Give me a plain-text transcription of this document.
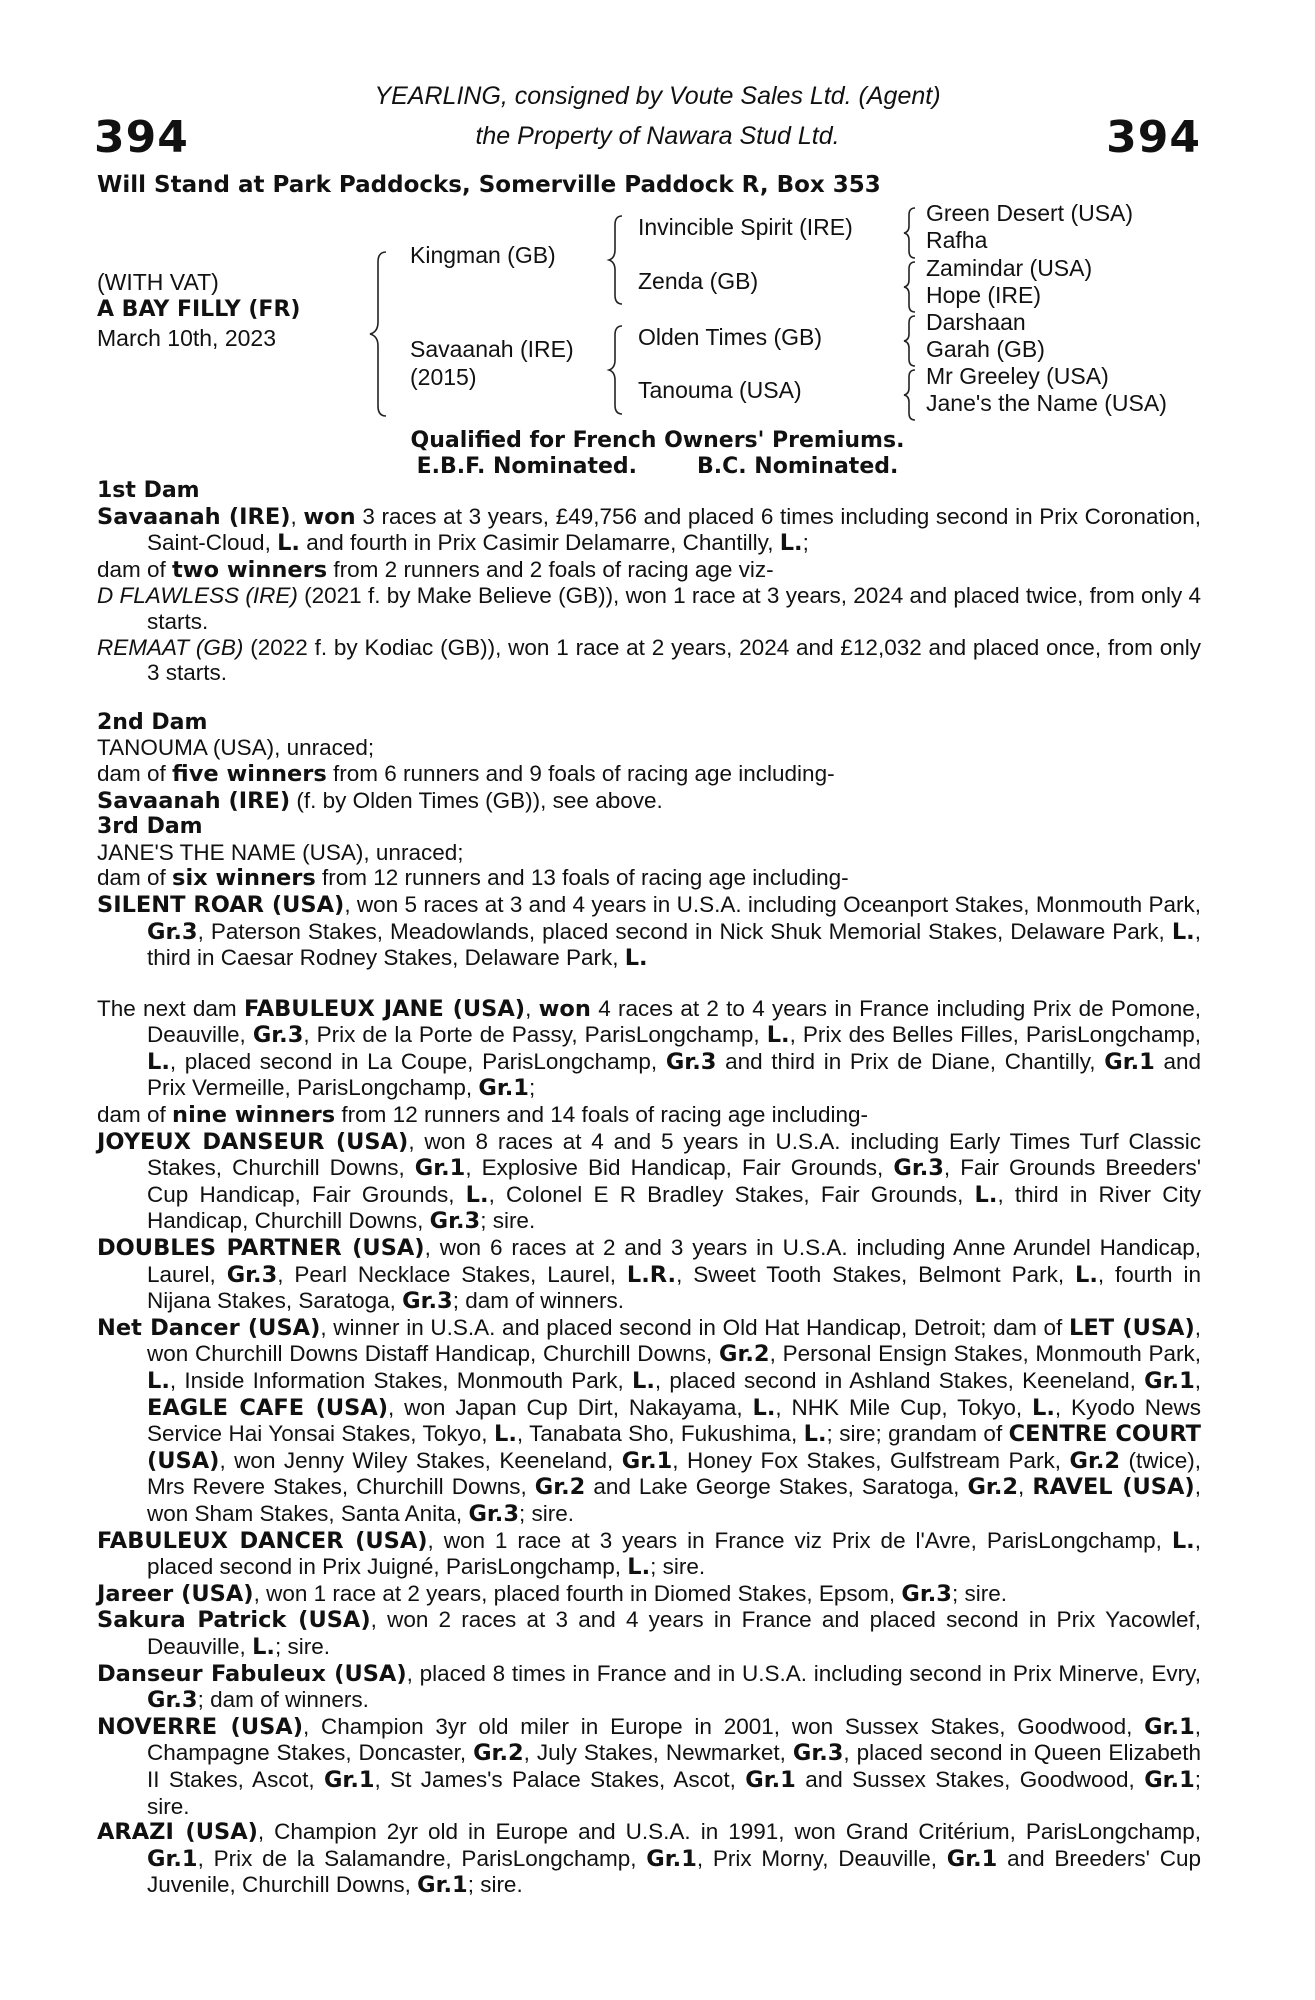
394	394
YEARLING, consigned by Voute Sales Ltd. (Agent)
the Property of Nawara Stud Ltd.
Will Stand at Park Paddocks, Somerville Paddock R, Box 353
(WITH VAT)
A BAY FILLY (FR)
March 10th, 2023
Kingman (GB)
Savaanah (IRE)
(2015)
Invincible Spirit (IRE)
Zenda (GB)
Olden Times (GB)
Tanouma (USA)
Green Desert (USA)
Rafha
Zamindar (USA)
Hope (IRE)
Darshaan
Garah (GB)
Mr Greeley (USA)
Jane's the Name (USA)
Qualified for French Owners' Premiums.
E.B.F. Nominated.	B.C. Nominated.
1st Dam

Savaanah (IRE), won 3 races at 3 years, £49,756 and placed 6 times including second in Prix Coronation, Saint-Cloud, L. and fourth in Prix Casimir Delamarre, Chantilly, L.;

dam of two winners from 2 runners and 2 foals of racing age viz-

D FLAWLESS (IRE) (2021 f. by Make Believe (GB)), won 1 race at 3 years, 2024 and placed twice, from only 4 starts.

REMAAT (GB) (2022 f. by Kodiac (GB)), won 1 race at 2 years, 2024 and £12,032 and placed once, from only 3 starts.

2nd Dam

TANOUMA (USA), unraced;

dam of five winners from 6 runners and 9 foals of racing age including-

Savaanah (IRE) (f. by Olden Times (GB)), see above.

3rd Dam

JANE'S THE NAME (USA), unraced;

dam of six winners from 12 runners and 13 foals of racing age including-

SILENT ROAR (USA), won 5 races at 3 and 4 years in U.S.A. including Oceanport Stakes, Monmouth Park, Gr.3, Paterson Stakes, Meadowlands, placed second in Nick Shuk Memorial Stakes, Delaware Park, L., third in Caesar Rodney Stakes, Delaware Park, L.

The next dam FABULEUX JANE (USA), won 4 races at 2 to 4 years in France including Prix de Pomone, Deauville, Gr.3, Prix de la Porte de Passy, ParisLongchamp, L., Prix des Belles Filles, ParisLongchamp, L., placed second in La Coupe, ParisLongchamp, Gr.3 and third in Prix de Diane, Chantilly, Gr.1 and Prix Vermeille, ParisLongchamp, Gr.1;

dam of nine winners from 12 runners and 14 foals of racing age including-

JOYEUX DANSEUR (USA), won 8 races at 4 and 5 years in U.S.A. including Early Times Turf Classic Stakes, Churchill Downs, Gr.1, Explosive Bid Handicap, Fair Grounds, Gr.3, Fair Grounds Breeders' Cup Handicap, Fair Grounds, L., Colonel E R Bradley Stakes, Fair Grounds, L., third in River City Handicap, Churchill Downs, Gr.3; sire.

DOUBLES PARTNER (USA), won 6 races at 2 and 3 years in U.S.A. including Anne Arundel Handicap, Laurel, Gr.3, Pearl Necklace Stakes, Laurel, L.R., Sweet Tooth Stakes, Belmont Park, L., fourth in Nijana Stakes, Saratoga, Gr.3; dam of winners.

Net Dancer (USA), winner in U.S.A. and placed second in Old Hat Handicap, Detroit; dam of LET (USA), won Churchill Downs Distaff Handicap, Churchill Downs, Gr.2, Personal Ensign Stakes, Monmouth Park, L., Inside Information Stakes, Monmouth Park, L., placed second in Ashland Stakes, Keeneland, Gr.1, EAGLE CAFE (USA), won Japan Cup Dirt, Nakayama, L., NHK Mile Cup, Tokyo, L., Kyodo News Service Hai Yonsai Stakes, Tokyo, L., Tanabata Sho, Fukushima, L.; sire; grandam of CENTRE COURT (USA), won Jenny Wiley Stakes, Keeneland, Gr.1, Honey Fox Stakes, Gulfstream Park, Gr.2 (twice), Mrs Revere Stakes, Churchill Downs, Gr.2 and Lake George Stakes, Saratoga, Gr.2, RAVEL (USA), won Sham Stakes, Santa Anita, Gr.3; sire.

FABULEUX DANCER (USA), won 1 race at 3 years in France viz Prix de l'Avre, ParisLongchamp, L., placed second in Prix Juigné, ParisLongchamp, L.; sire.

Jareer (USA), won 1 race at 2 years, placed fourth in Diomed Stakes, Epsom, Gr.3; sire.

Sakura Patrick (USA), won 2 races at 3 and 4 years in France and placed second in Prix Yacowlef, Deauville, L.; sire.

Danseur Fabuleux (USA), placed 8 times in France and in U.S.A. including second in Prix Minerve, Evry, Gr.3; dam of winners.

NOVERRE (USA), Champion 3yr old miler in Europe in 2001, won Sussex Stakes, Goodwood, Gr.1, Champagne Stakes, Doncaster, Gr.2, July Stakes, Newmarket, Gr.3, placed second in Queen Elizabeth II Stakes, Ascot, Gr.1, St James's Palace Stakes, Ascot, Gr.1 and Sussex Stakes, Goodwood, Gr.1; sire.

ARAZI (USA), Champion 2yr old in Europe and U.S.A. in 1991, won Grand Critérium, ParisLongchamp, Gr.1, Prix de la Salamandre, ParisLongchamp, Gr.1, Prix Morny, Deauville, Gr.1 and Breeders' Cup Juvenile, Churchill Downs, Gr.1; sire.
